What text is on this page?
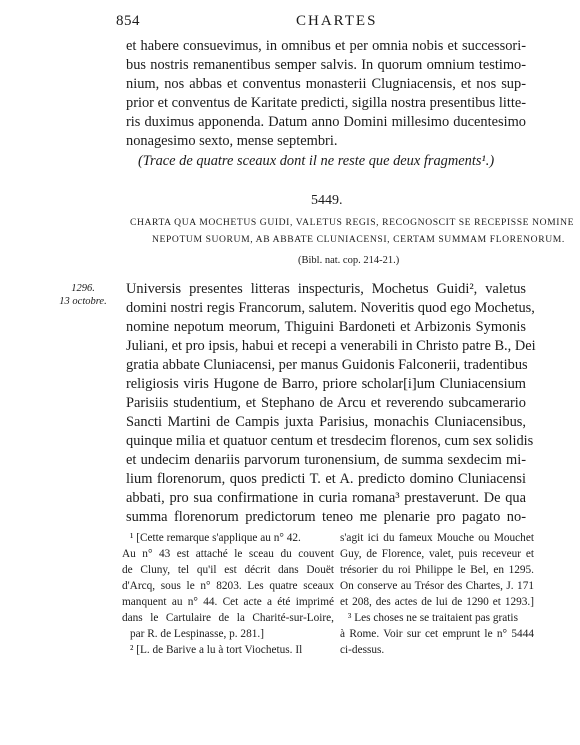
854	CHARTES
et habere consuevimus, in omnibus et per omnia nobis et successori-
bus nostris remanentibus semper salvis. In quorum omnium testimo-
nium, nos abbas et conventus monasterii Clugniacensis, et nos sup-
prior et conventus de Karitate predicti, sigilla nostra presentibus litte-
ris duximus apponenda. Datum anno Domini millesimo ducentesimo
nonagesimo sexto, mense septembri.
(Trace de quatre sceaux dont il ne reste que deux fragments¹.)
5449.
CHARTA QUA MOCHETUS GUIDI, VALETUS REGIS, RECOGNOSCIT SE RECEPISSE NOMINE
NEPOTUM SUORUM, AB ABBATE CLUNIACENSI, CERTAM SUMMAM FLORENORUM.
(Bibl. nat. cop. 214-21.)
1296.
13 octobre.
Universis presentes litteras inspecturis, Mochetus Guidi², valetus
domini nostri regis Francorum, salutem. Noveritis quod ego Mochetus,
nomine nepotum meorum, Thiguini Bardoneti et Arbizonis Symonis
Juliani, et pro ipsis, habui et recepi a venerabili in Christo patre B., Dei
gratia abbate Cluniacensi, per manus Guidonis Falconerii, tradentibus
religiosis viris Hugone de Barro, priore scholar[i]um Cluniacensium
Parisiis studentium, et Stephano de Arcu et reverendo subcamerario
Sancti Martini de Campis juxta Parisius, monachis Cluniacensibus,
quinque milia et quatuor centum et tresdecim florenos, cum sex solidis
et undecim denariis parvorum turonensium, de summa sexdecim mi-
lium florenorum, quos predicti T. et A. predicto domino Cluniacensi
abbati, pro sua confirmatione in curia romana³ prestaverunt. De qua
summa florenorum predictorum teneo me plenarie pro pagato no-
¹ [Cette remarque s'applique au n° 42.
Au n° 43 est attaché le sceau du couvent
de Cluny, tel qu'il est décrit dans Douët
d'Arcq, sous le n° 8203. Les quatre sceaux
manquent au n° 44. Cet acte a été imprimé
dans le Cartulaire de la Charité-sur-Loire,
par R. de Lespinasse, p. 281.]
² [L. de Barive a lu à tort Viochetus. Il
s'agit ici du fameux Mouche ou Mouchet
Guy, de Florence, valet, puis receveur et
trésorier du roi Philippe le Bel, en 1295.
On conserve au Trésor des Chartes, J. 171
et 208, des actes de lui de 1290 et 1293.]
³ Les choses ne se traitaient pas gratis
à Rome. Voir sur cet emprunt le n° 5444
ci-dessus.
